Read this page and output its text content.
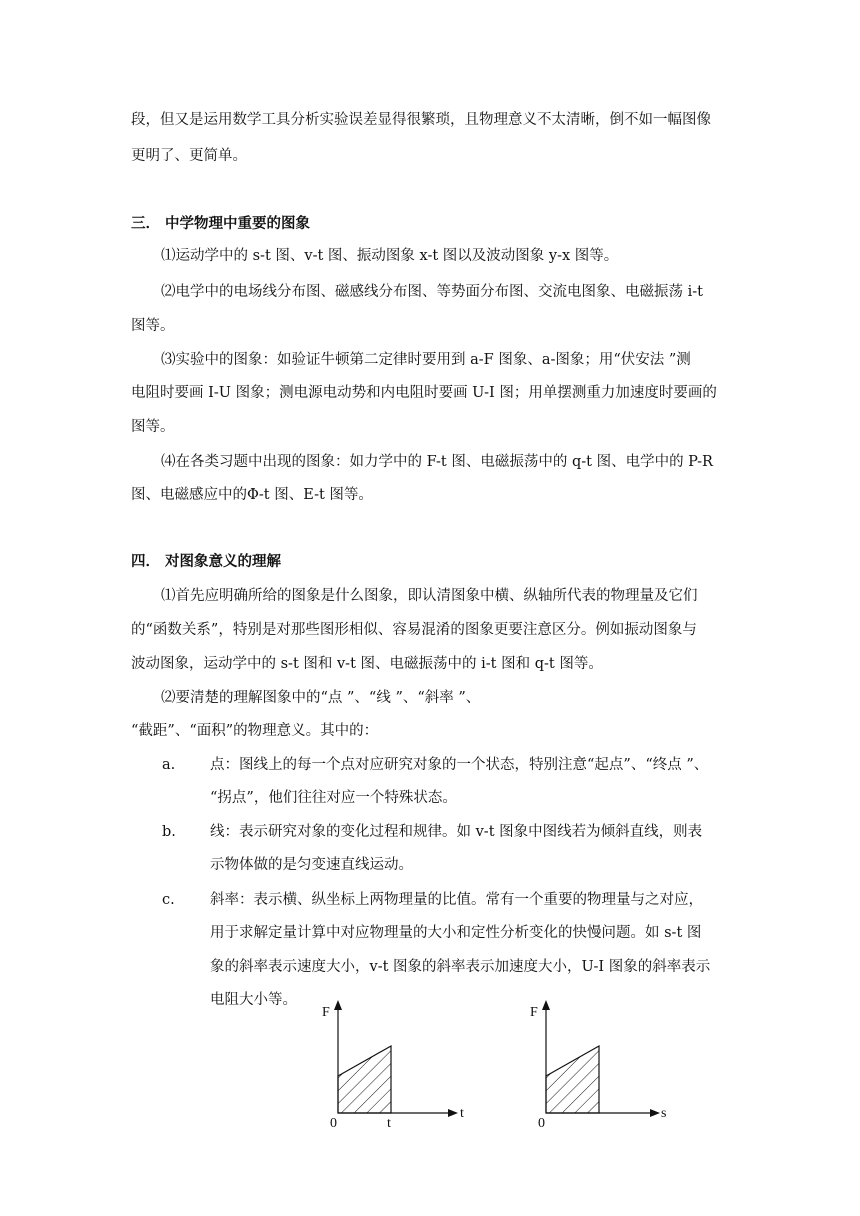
段，但又是运用数学工具分析实验误差显得很繁琐，且物理意义不太清晰，倒不如一幅图像
更明了、更简单。
三． 中学物理中重要的图象
⑴运动学中的 s-t 图、v-t 图、振动图象 x-t 图以及波动图象 y-x 图等。
⑵电学中的电场线分布图、磁感线分布图、等势面分布图、交流电图象、电磁振荡 i-t
图等。
⑶实验中的图象：如验证牛顿第二定律时要用到 a-F 图象、a-图象；用“伏安法 ”测
电阻时要画 I-U 图象；测电源电动势和内电阻时要画 U-I 图；用单摆测重力加速度时要画的
图等。
⑷在各类习题中出现的图象：如力学中的 F-t 图、电磁振荡中的 q-t 图、电学中的 P-R
图、电磁感应中的Φ-t 图、E-t 图等。
四． 对图象意义的理解
⑴首先应明确所给的图象是什么图象，即认清图象中横、纵轴所代表的物理量及它们
的“函数关系”，特别是对那些图形相似、容易混淆的图象更要注意区分。例如振动图象与
波动图象，运动学中的 s-t 图和 v-t 图、电磁振荡中的 i-t 图和 q-t 图等。
⑵要清楚的理解图象中的“点 ”、“线 ”、“斜率 ”、
“截距”、“面积”的物理意义。其中的：
a. 点：图线上的每一个点对应研究对象的一个状态，特别注意“起点”、“终点 ”、
“拐点”，他们往往对应一个特殊状态。
b. 线：表示研究对象的变化过程和规律。如 v-t 图象中图线若为倾斜直线，则表
示物体做的是匀变速直线运动。
c. 斜率：表示横、纵坐标上两物理量的比值。常有一个重要的物理量与之对应，
用于求解定量计算中对应物理量的大小和定性分析变化的快慢问题。如 s-t 图
象的斜率表示速度大小，v-t 图象的斜率表示加速度大小，U-I 图象的斜率表示
电阻大小等。
F
t
0	t
F
s
0
